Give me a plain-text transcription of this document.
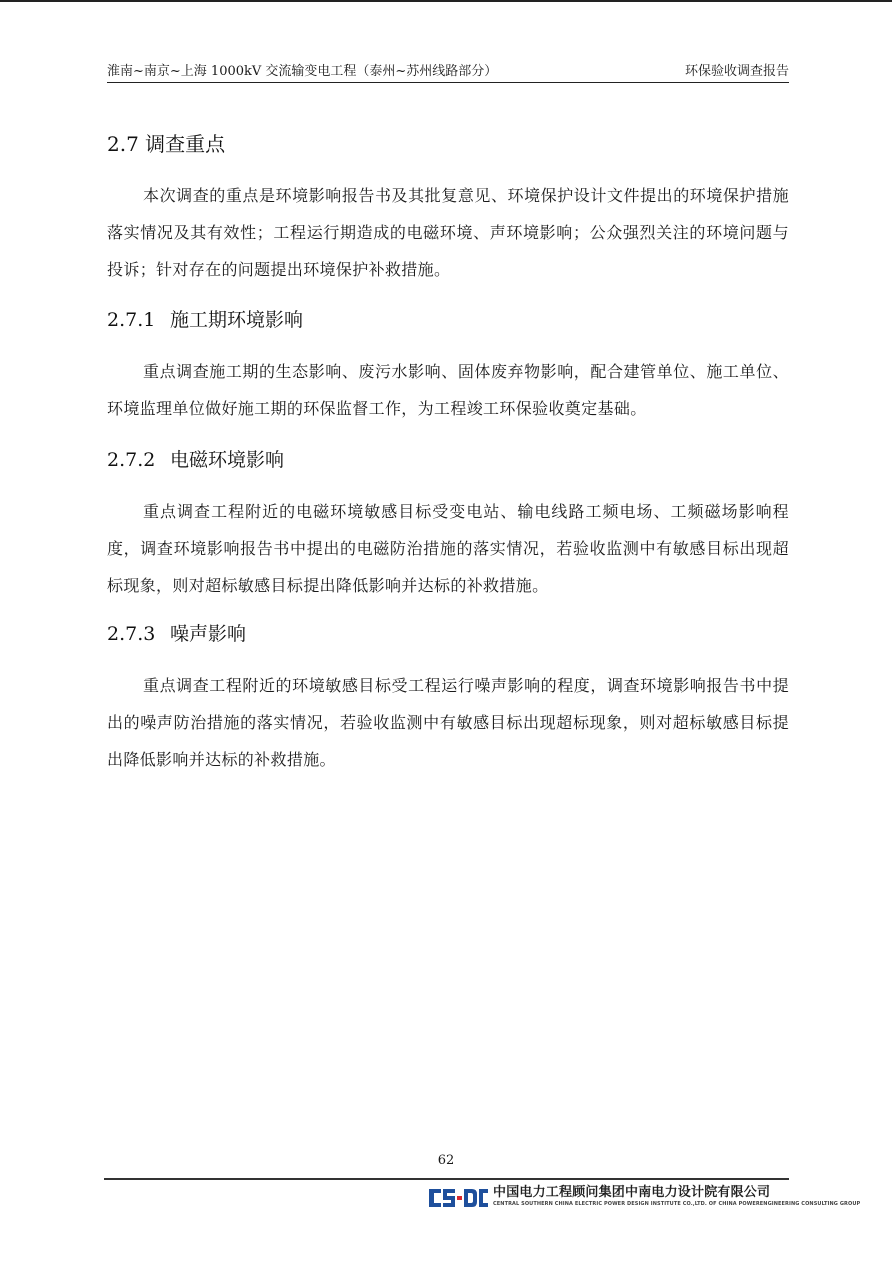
淮南~南京~上海 1000kV 交流输变电工程（泰州~苏州线路部分）	环保验收调查报告
2.7 调查重点

本次调查的重点是环境影响报告书及其批复意见、环境保护设计文件提出的环境保护措施落实情况及其有效性；工程运行期造成的电磁环境、声环境影响；公众强烈关注的环境问题与投诉；针对存在的问题提出环境保护补救措施。

2.7.1 施工期环境影响

重点调查施工期的生态影响、废污水影响、固体废弃物影响，配合建管单位、施工单位、环境监理单位做好施工期的环保监督工作，为工程竣工环保验收奠定基础。

2.7.2 电磁环境影响

重点调查工程附近的电磁环境敏感目标受变电站、输电线路工频电场、工频磁场影响程度，调查环境影响报告书中提出的电磁防治措施的落实情况，若验收监测中有敏感目标出现超标现象，则对超标敏感目标提出降低影响并达标的补救措施。

2.7.3 噪声影响

重点调查工程附近的环境敏感目标受工程运行噪声影响的程度，调查环境影响报告书中提出的噪声防治措施的落实情况，若验收监测中有敏感目标出现超标现象，则对超标敏感目标提出降低影响并达标的补救措施。

62
中国电力工程顾问集团中南电力设计院有限公司
CENTRAL SOUTHERN CHINA ELECTRIC POWER DESIGN INSTITUTE CO.,LTD. OF CHINA POWERENGINEERING CONSULTING GROUP
